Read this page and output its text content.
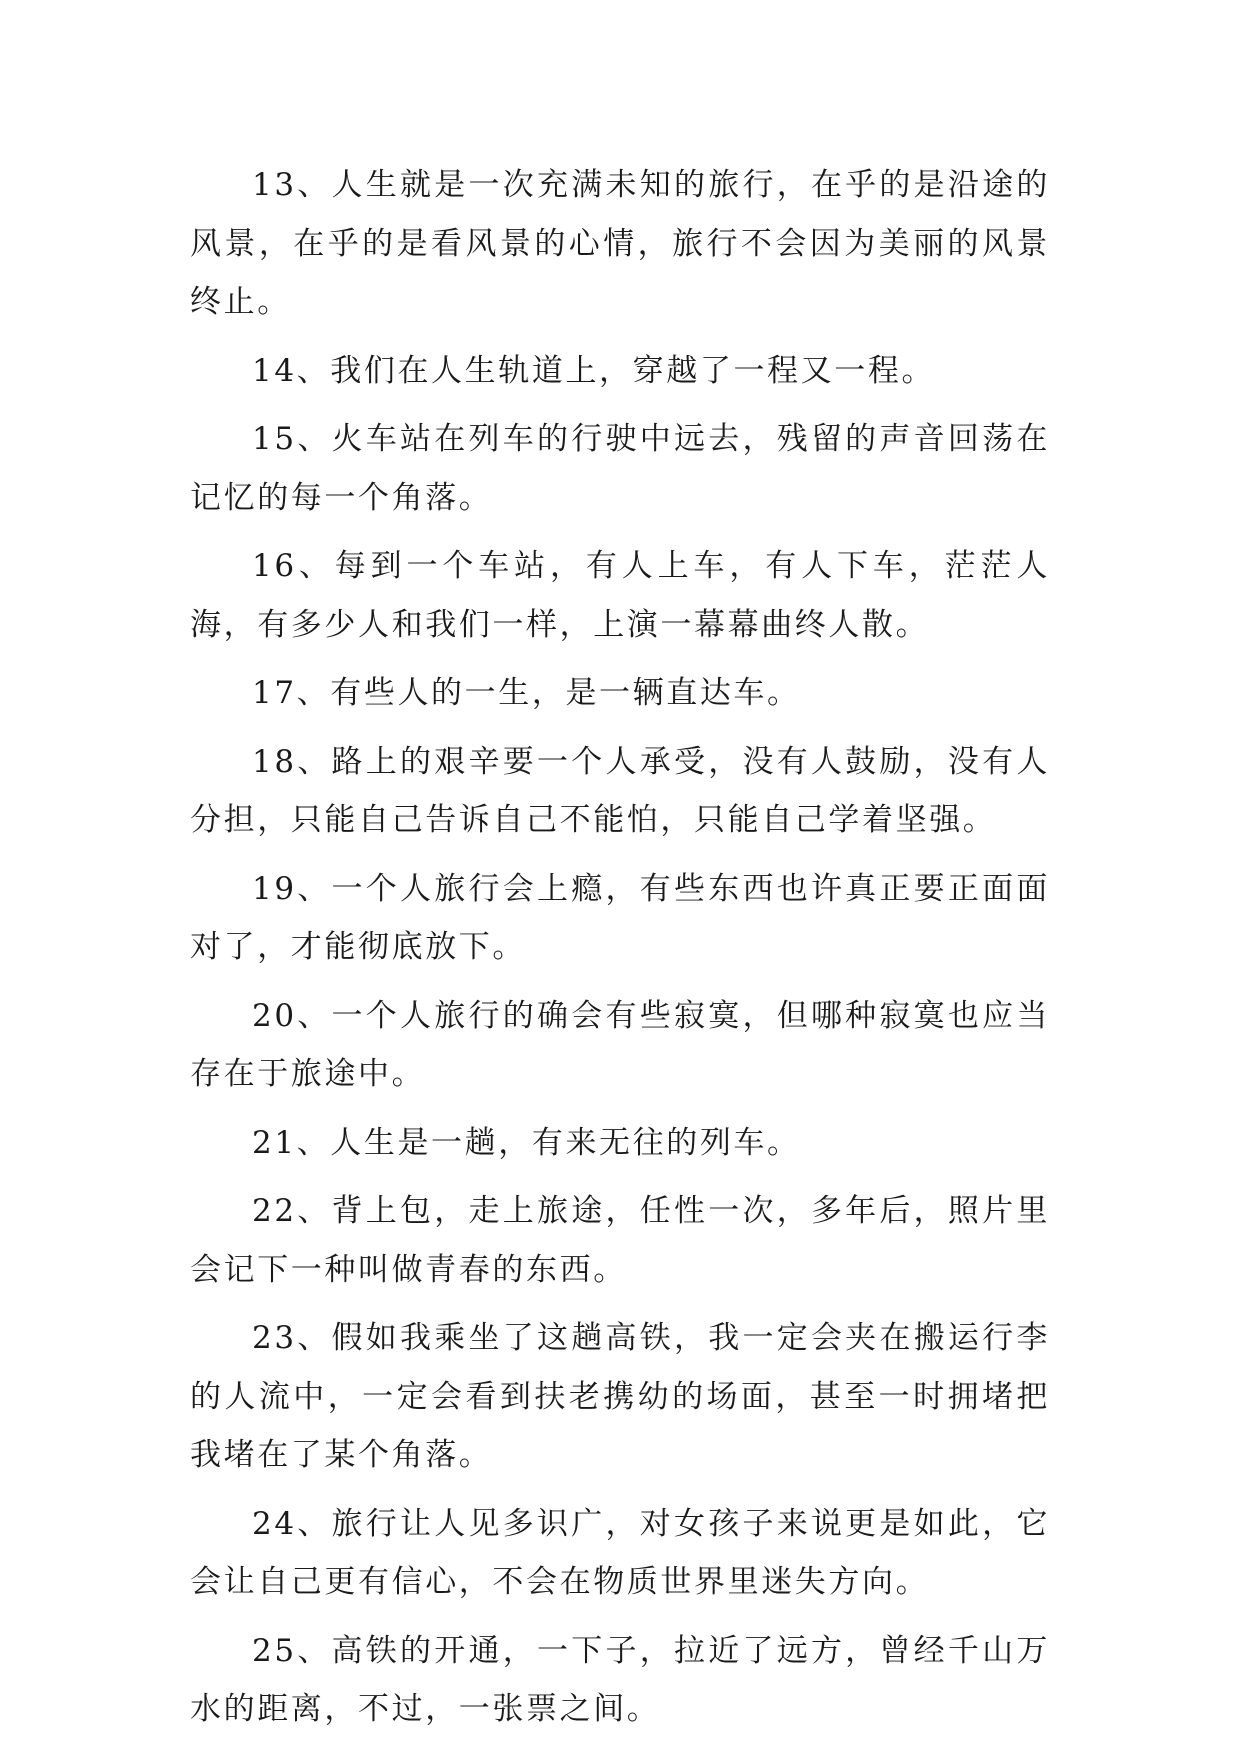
13、人生就是一次充满未知的旅行，在乎的是沿途的风景，在乎的是看风景的心情，旅行不会因为美丽的风景终止。

14、我们在人生轨道上，穿越了一程又一程。

15、火车站在列车的行驶中远去，残留的声音回荡在记忆的每一个角落。

16、每到一个车站，有人上车，有人下车，茫茫人海，有多少人和我们一样，上演一幕幕曲终人散。

17、有些人的一生，是一辆直达车。

18、路上的艰辛要一个人承受，没有人鼓励，没有人分担，只能自己告诉自己不能怕，只能自己学着坚强。

19、一个人旅行会上瘾，有些东西也许真正要正面面对了，才能彻底放下。

20、一个人旅行的确会有些寂寞，但哪种寂寞也应当存在于旅途中。

21、人生是一趟，有来无往的列车。

22、背上包，走上旅途，任性一次，多年后，照片里会记下一种叫做青春的东西。

23、假如我乘坐了这趟高铁，我一定会夹在搬运行李的人流中，一定会看到扶老携幼的场面，甚至一时拥堵把我堵在了某个角落。

24、旅行让人见多识广，对女孩子来说更是如此，它会让自己更有信心，不会在物质世界里迷失方向。

25、高铁的开通，一下子，拉近了远方，曾经千山万水的距离，不过，一张票之间。
